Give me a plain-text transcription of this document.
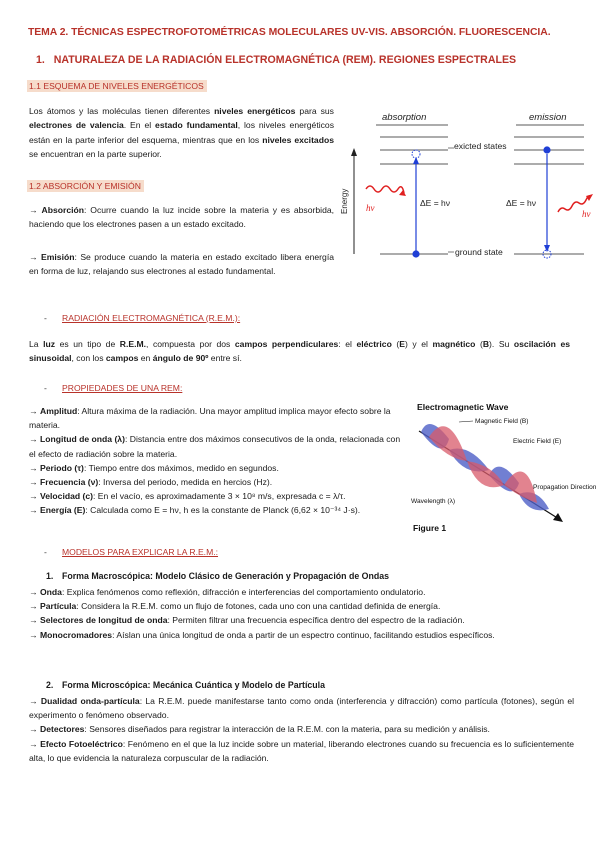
TEMA 2. TÉCNICAS ESPECTROFOTOMÉTRICAS MOLECULARES UV-VIS. ABSORCIÓN. FLUORESCENCIA.
1. NATURALEZA DE LA RADIACIÓN ELECTROMAGNÉTICA (REM). REGIONES ESPECTRALES
1.1 ESQUEMA DE NIVELES ENERGÉTICOS
Los átomos y las moléculas tienen diferentes niveles energéticos para sus electrones de valencia. En el estado fundamental, los niveles energéticos están en la parte inferior del esquema, mientras que en los niveles excitados se encuentran en la parte superior.
1.2 ABSORCIÓN Y EMISIÓN
→ Absorción: Ocurre cuando la luz incide sobre la materia y es absorbida, haciendo que los electrones pasen a un estado excitado.
→ Emisión: Se produce cuando la materia en estado excitado libera energía en forma de luz, relajando sus electrones al estado fundamental.
absorption	emission
Energy
exicted states
ground state
ΔE = hν	ΔE = hν
hν
hν
- RADIACIÓN ELECTROMAGNÉTICA (R.E.M.):
La luz es un tipo de R.E.M., compuesta por dos campos perpendiculares: el eléctrico (E) y el magnético (B). Su oscilación es sinusoidal, con los campos en ángulo de 90º entre sí.
- PROPIEDADES DE UNA REM:
→ Amplitud: Altura máxima de la radiación. Una mayor amplitud implica mayor efecto sobre la materia.
→ Longitud de onda (λ): Distancia entre dos máximos consecutivos de la onda, relacionada con el efecto de radiación sobre la materia.
→ Periodo (τ): Tiempo entre dos máximos, medido en segundos.
→ Frecuencia (ν): Inversa del periodo, medida en hercios (Hz).
→ Velocidad (c): En el vacío, es aproximadamente 3 × 10⁸ m/s, expresada c = λ/τ.
→ Energía (E): Calculada como E = hν, h es la constante de Planck (6,62 × 10⁻³⁴ J·s).
Electromagnetic Wave
Magnetic Field (B)
Electric Field (E)
Wavelength (λ)
Propagation Direction
Figure 1
- MODELOS PARA EXPLICAR LA R.E.M.:
1. Forma Macroscópica: Modelo Clásico de Generación y Propagación de Ondas
→ Onda: Explica fenómenos como reflexión, difracción e interferencias del comportamiento ondulatorio.
→ Partícula: Considera la R.E.M. como un flujo de fotones, cada uno con una cantidad definida de energía.
→ Selectores de longitud de onda: Permiten filtrar una frecuencia específica dentro del espectro de la radiación.
→ Monocromadores: Aíslan una única longitud de onda a partir de un espectro continuo, facilitando estudios específicos.
2. Forma Microscópica: Mecánica Cuántica y Modelo de Partícula
→ Dualidad onda-partícula: La R.E.M. puede manifestarse tanto como onda (interferencia y difracción) como partícula (fotones), según el experimento o fenómeno observado.
→ Detectores: Sensores diseñados para registrar la interacción de la R.E.M. con la materia, para su medición y análisis.
→ Efecto Fotoeléctrico: Fenómeno en el que la luz incide sobre un material, liberando electrones cuando su frecuencia es lo suficientemente alta, lo que evidencia la naturaleza corpuscular de la radiación.
